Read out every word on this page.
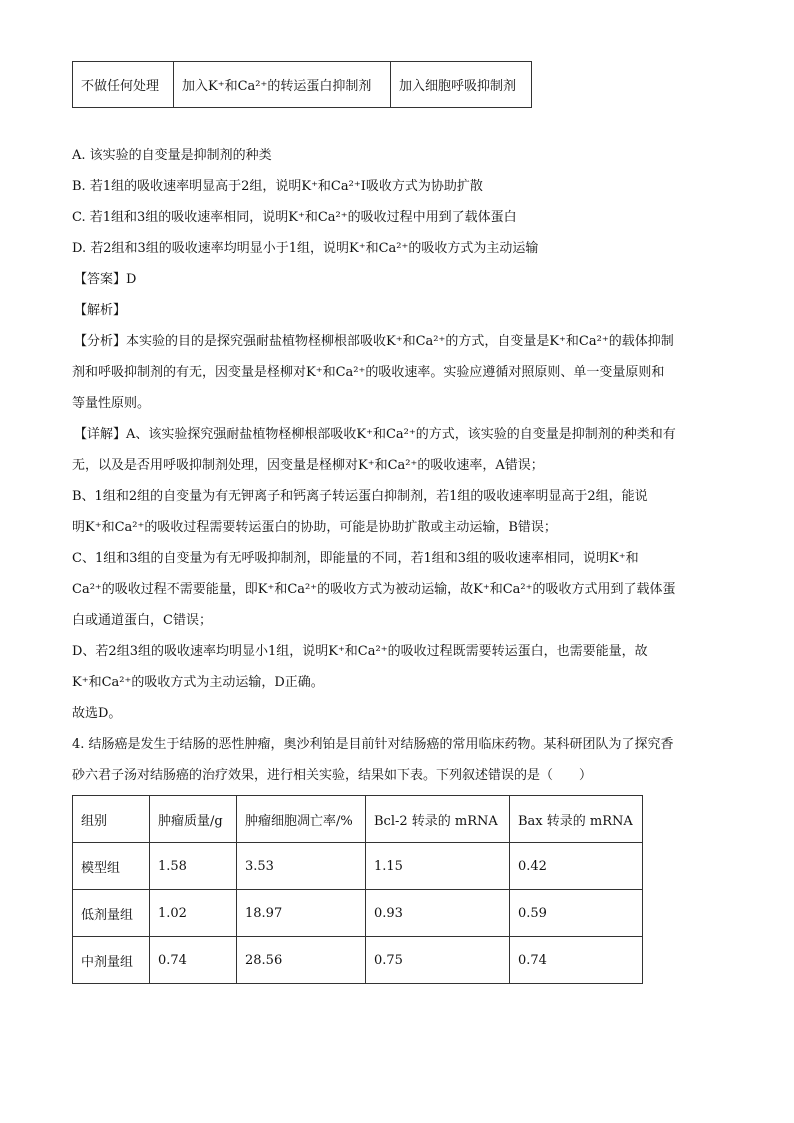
不做任何处理	加入K⁺和Ca²⁺的转运蛋白抑制剂	加入细胞呼吸抑制剂
A. 该实验的自变量是抑制剂的种类
B. 若1组的吸收速率明显高于2组，说明K⁺和Ca²⁺I吸收方式为协助扩散
C. 若1组和3组的吸收速率相同，说明K⁺和Ca²⁺的吸收过程中用到了载体蛋白
D. 若2组和3组的吸收速率均明显小于1组，说明K⁺和Ca²⁺的吸收方式为主动运输
【答案】D
【解析】
【分析】本实验的目的是探究强耐盐植物柽柳根部吸收K⁺和Ca²⁺的方式，自变量是K⁺和Ca²⁺的载体抑制
剂和呼吸抑制剂的有无，因变量是柽柳对K⁺和Ca²⁺的吸收速率。实验应遵循对照原则、单一变量原则和
等量性原则。
【详解】A、该实验探究强耐盐植物柽柳根部吸收K⁺和Ca²⁺的方式，该实验的自变量是抑制剂的种类和有
无，以及是否用呼吸抑制剂处理，因变量是柽柳对K⁺和Ca²⁺的吸收速率，A错误；
B、1组和2组的自变量为有无钾离子和钙离子转运蛋白抑制剂，若1组的吸收速率明显高于2组，能说
明K⁺和Ca²⁺的吸收过程需要转运蛋白的协助，可能是协助扩散或主动运输，B错误；
C、1组和3组的自变量为有无呼吸抑制剂，即能量的不同，若1组和3组的吸收速率相同，说明K⁺和
Ca²⁺的吸收过程不需要能量，即K⁺和Ca²⁺的吸收方式为被动运输，故K⁺和Ca²⁺的吸收方式用到了载体蛋
白或通道蛋白，C错误；
D、若2组3组的吸收速率均明显小1组，说明K⁺和Ca²⁺的吸收过程既需要转运蛋白，也需要能量，故
K⁺和Ca²⁺的吸收方式为主动运输，D正确。
故选D。
4. 结肠癌是发生于结肠的恶性肿瘤，奥沙利铂是目前针对结肠癌的常用临床药物。某科研团队为了探究香
砂六君子汤对结肠癌的治疗效果，进行相关实验，结果如下表。下列叙述错误的是（　　）
组别	肿瘤质量/g	肿瘤细胞凋亡率/%	Bcl-2 转录的 mRNA	Bax 转录的 mRNA
模型组	1.58	3.53	1.15	0.42
低剂量组	1.02	18.97	0.93	0.59
中剂量组	0.74	28.56	0.75	0.74
